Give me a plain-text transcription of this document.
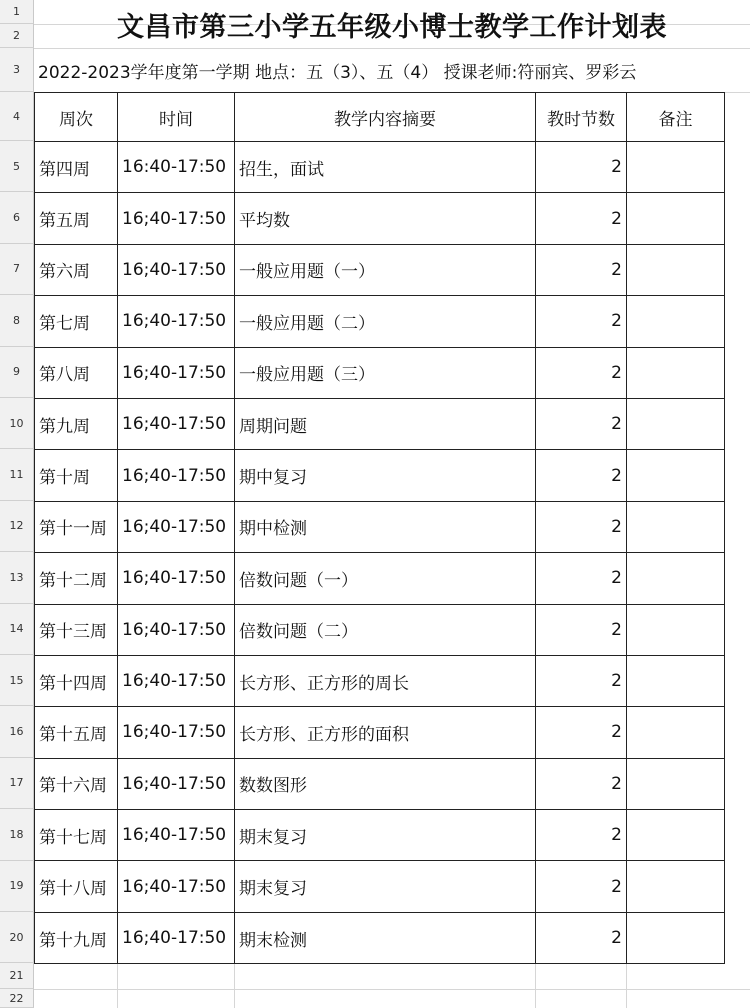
1
2
3
4
5
6
7
8
9
10
11
12
13
14
15
16
17
18
19
20
21
22
文昌市第三小学五年级小博士教学工作计划表
2022-2023学年度第一学期 地点：五（3）、五（4） 授课老师:符丽宾、罗彩云
周次	时间	教学内容摘要	教时节数	备注
第四周	16:40-17:50	招生，面试	2	
第五周	16;40-17:50	平均数	2	
第六周	16;40-17:50	一般应用题（一）	2	
第七周	16;40-17:50	一般应用题（二）	2	
第八周	16;40-17:50	一般应用题（三）	2	
第九周	16;40-17:50	周期问题	2	
第十周	16;40-17:50	期中复习	2	
第十一周	16;40-17:50	期中检测	2	
第十二周	16;40-17:50	倍数问题（一）	2	
第十三周	16;40-17:50	倍数问题（二）	2	
第十四周	16;40-17:50	长方形、正方形的周长	2	
第十五周	16;40-17:50	长方形、正方形的面积	2	
第十六周	16;40-17:50	数数图形	2	
第十七周	16;40-17:50	期末复习	2	
第十八周	16;40-17:50	期末复习	2	
第十九周	16;40-17:50	期末检测	2	
